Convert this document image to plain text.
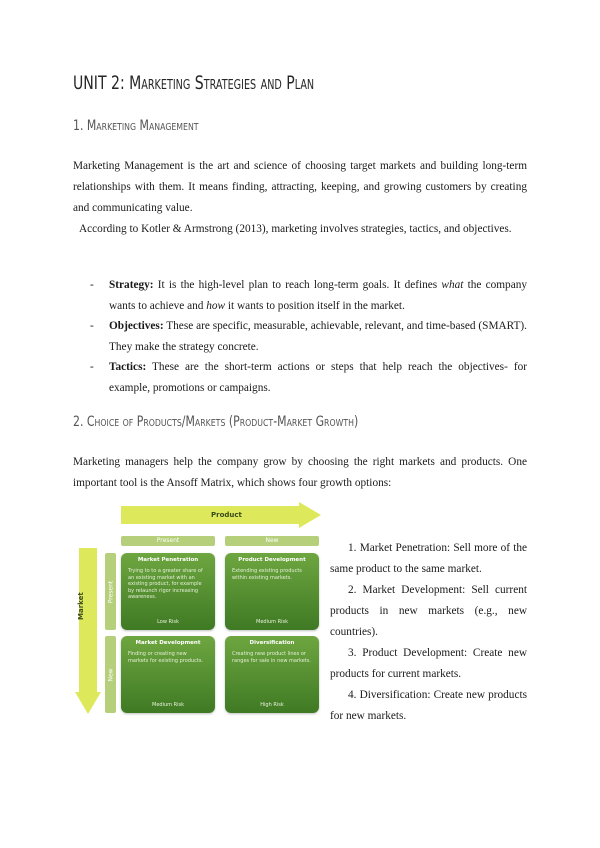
UNIT 2: Marketing Strategies and Plan
1. Marketing Management

Marketing Management is the art and science of choosing target markets and building long-term relationships with them. It means finding, attracting, keeping, and growing customers by creating and communicating value.

According to Kotler & Armstrong (2013), marketing involves strategies, tactics, and objectives.

- Strategy: It is the high-level plan to reach long-term goals. It defines what the company wants to achieve and how it wants to position itself in the market.
- Objectives: These are specific, measurable, achievable, relevant, and time-based (SMART). They make the strategy concrete.
- Tactics: These are the short-term actions or steps that help reach the objectives- for example, promotions or campaigns.
2. Choice of Products/Markets (Product-Market Growth)

Marketing managers help the company grow by choosing the right markets and products. One important tool is the Ansoff Matrix, which shows four growth options:

Product
Market
Present	New
Present
New
Market Penetration
Trying to to a greater share of an existing market with an existing product, for example by relaunch rigor increasing awareness.
Low Risk
Product Development
Extending existing products within existing markets.
Medium Risk
Market Development
Finding or creating new markets for existing products.
Medium Risk
Diversification
Creating new product lines or ranges for sale in new markets.
High Risk
1. Market Penetration: Sell more of the same product to the same market.
2. Market Development: Sell current products in new markets (e.g., new countries).
3. Product Development: Create new products for current markets.
4. Diversification: Create new products for new markets.
